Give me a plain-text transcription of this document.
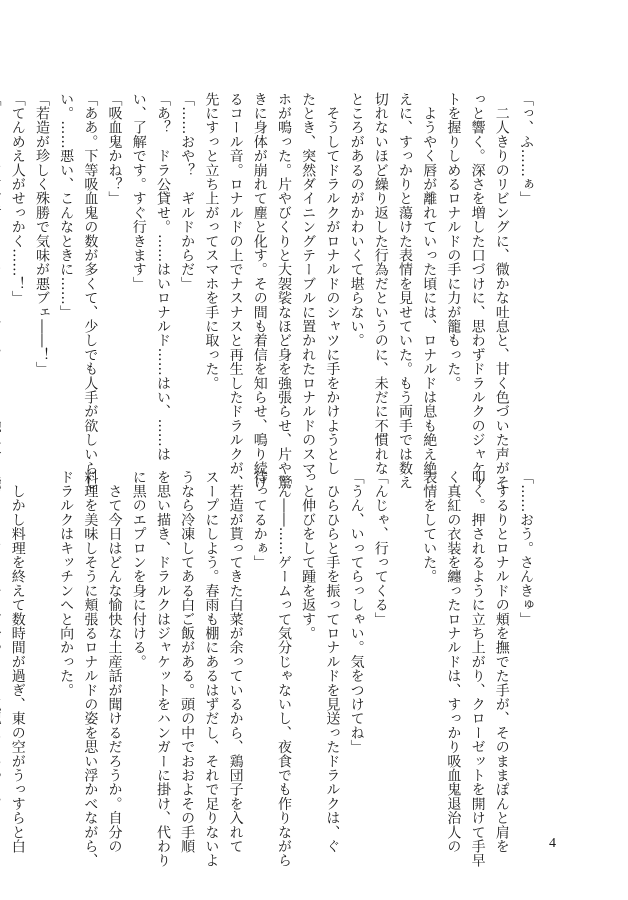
「っ、ふ……ぁ」
　二人きりのリビングに、微かな吐息と、甘く色づいた声がそ
っと響く。深さを増した口づけに、思わずドラルクのジャケッ
トを握りしめるロナルドの手に力が籠もった。
　ようやく唇が離れていった頃には、ロナルドは息も絶え絶
えに、すっかりと蕩けた表情を見せていた。もう両手では数え
切れないほど繰り返した行為だというのに、未だに不慣れな
ところがあるのがかわいくて堪らない。
　そうしてドラルクがロナルドのシャツに手をかけようとし
たとき、突然ダイニングテーブルに置かれたロナルドのスマ
ホが鳴った。片やびくりと大袈裟なほど身を強張らせ、片や驚
きに身体が崩れて塵と化す。その間も着信を知らせ、鳴り続け
るコール音。ロナルドの上でナスナスと再生したドラルクが、
先にすっと立ち上がってスマホを手に取った。
「……おや？　ギルドからだ」
「あ？　ドラ公貸せ。……はいロナルド……はい、……は
い、了解です。すぐ行きます」
「吸血鬼かね？」
「ああ。下等吸血鬼の数が多くて、少しでも人手が欲しいらし
い。……悪い、こんなときに……」
「若造が珍しく殊勝で気味が悪ブェ――！」
「てんめえ人がせっかく……！」
「……おう。さんきゅ」
　するりとロナルドの頬を撫でた手が、そのままぽんと肩を
叩く。押されるように立ち上がり、クローゼットを開けて手早
く真紅の衣装を纏ったロナルドは、すっかり吸血鬼退治人の
表情をしていた。

「んじゃ、行ってくる」
「うん、いってらっしゃい。気をつけてね」
　ひらひらと手を振ってロナルドを見送ったドラルクは、ぐ
っと伸びをして踵を返す。
「ん――……ゲームって気分じゃないし、夜食でも作りながら
待ってるかぁ」
　若造が貰ってきた白菜が余っているから、鶏団子を入れて
スープにしよう。春雨も棚にあるはずだし、それで足りないよ
うなら冷凍してある白ご飯がある。頭の中でおおよその手順
を思い描き、ドラルクはジャケットをハンガーに掛け、代わり
に黒のエプロンを身に付ける。
　さて今日はどんな愉快な土産話が聞けるだろうか。自分の
料理を美味しそうに頬張るロナルドの姿を思い浮かべながら、
ドラルクはキッチンへと向かった。

　しかし料理を終えて数時間が過ぎ、東の空がうっすらと白	4
